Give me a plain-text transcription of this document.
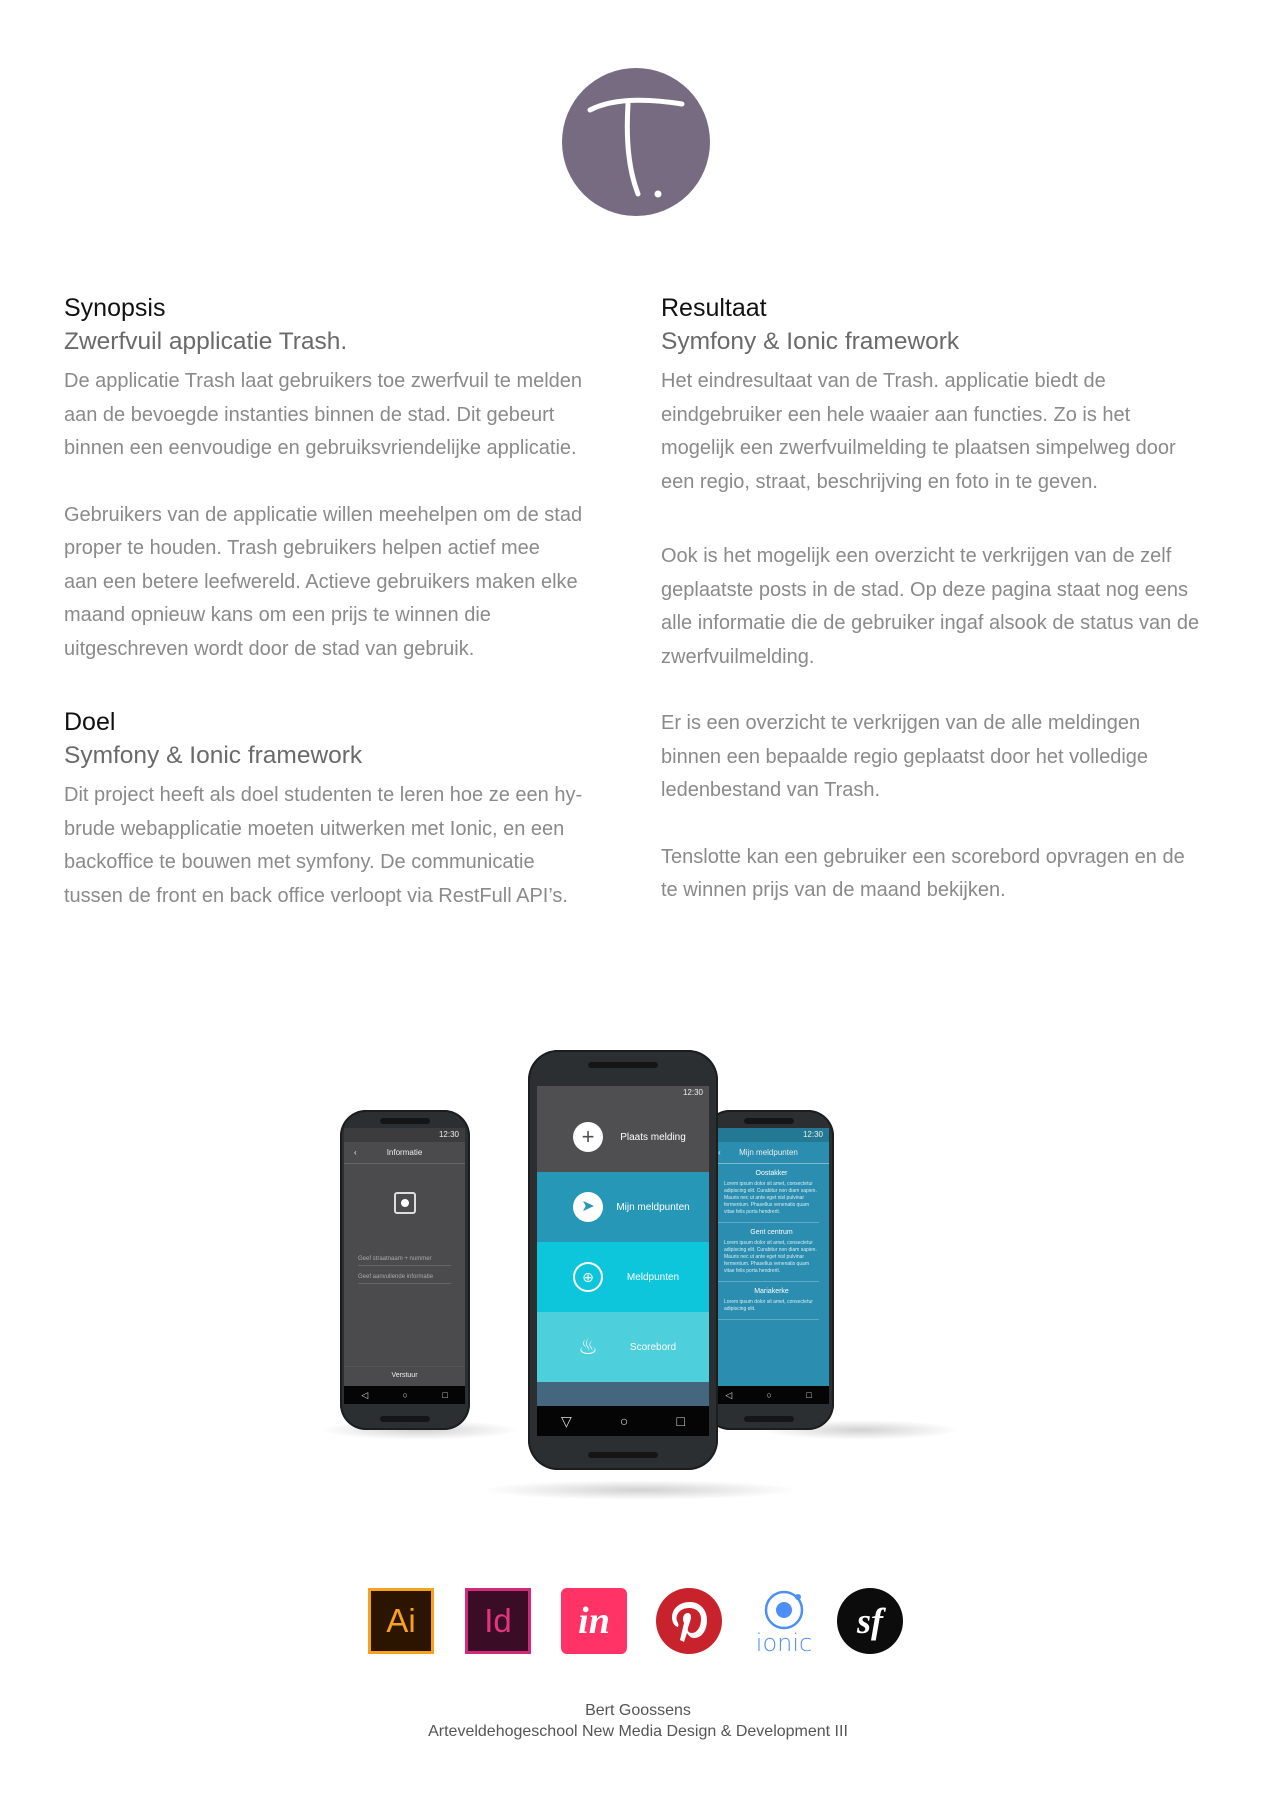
Synopsis
Zwerfvuil applicatie Trash.
De applicatie Trash laat gebruikers toe zwerfvuil te melden
aan de bevoegde instanties binnen de stad. Dit gebeurt
binnen een eenvoudige en gebruiksvriendelijke applicatie.
Gebruikers van de applicatie willen meehelpen om de stad
proper te houden. Trash gebruikers helpen actief mee
aan een betere leefwereld. Actieve gebruikers maken elke
maand opnieuw kans om een prijs te winnen die
uitgeschreven wordt door de stad van gebruik.
Doel
Symfony & Ionic framework
Dit project heeft als doel studenten te leren hoe ze een hy-
brude webapplicatie moeten uitwerken met Ionic, en een
backoffice te bouwen met symfony. De communicatie
tussen de front en back office verloopt via RestFull API’s.
Resultaat
Symfony & Ionic framework
Het eindresultaat van de Trash. applicatie biedt de
eindgebruiker een hele waaier aan functies. Zo is het
mogelijk een zwerfvuilmelding te plaatsen simpelweg door
een regio, straat, beschrijving en foto in te geven.
Ook is het mogelijk een overzicht te verkrijgen van de zelf
geplaatste posts in de stad. Op deze pagina staat nog eens
alle informatie die de gebruiker ingaf alsook de status van de
zwerfvuilmelding.
Er is een overzicht te verkrijgen van de alle meldingen
binnen een bepaalde regio geplaatst door het volledige
ledenbestand van Trash.
Tenslotte kan een gebruiker een scorebord opvragen en de
te winnen prijs van de maand bekijken.
12:30
‹	Informatie
Geef straatnaam + nummer
Geef aanvullende informatie
Verstuur
◁	○	□
12:30
‹ Mijn meldpunten
Oostakker
Lorem ipsum dolor sit amet, consectetur adipiscing elit. Curabitur non diam sapien. Mauris nec ut ante eget nisl pulvinar fermentum. Phasellus venenatis quam vitae felis porta hendrerit.
Gent centrum
Lorem ipsum dolor sit amet, consectetur adipiscing elit. Curabitur non diam sapien. Mauris nec ut ante eget nisl pulvinar fermentum. Phasellus venenatis quam vitae felis porta hendrerit.
Mariakerke
Lorem ipsum dolor sit amet, consectetur adipiscing elit.
◁	○	□
12:30
+	Plaats melding
➤	Mijn meldpunten
⊕	Meldpunten
♨	Scorebord
▽	○	□
Ai Id in
ionic
sf
Bert Goossens
Arteveldehogeschool New Media Design & Development III
